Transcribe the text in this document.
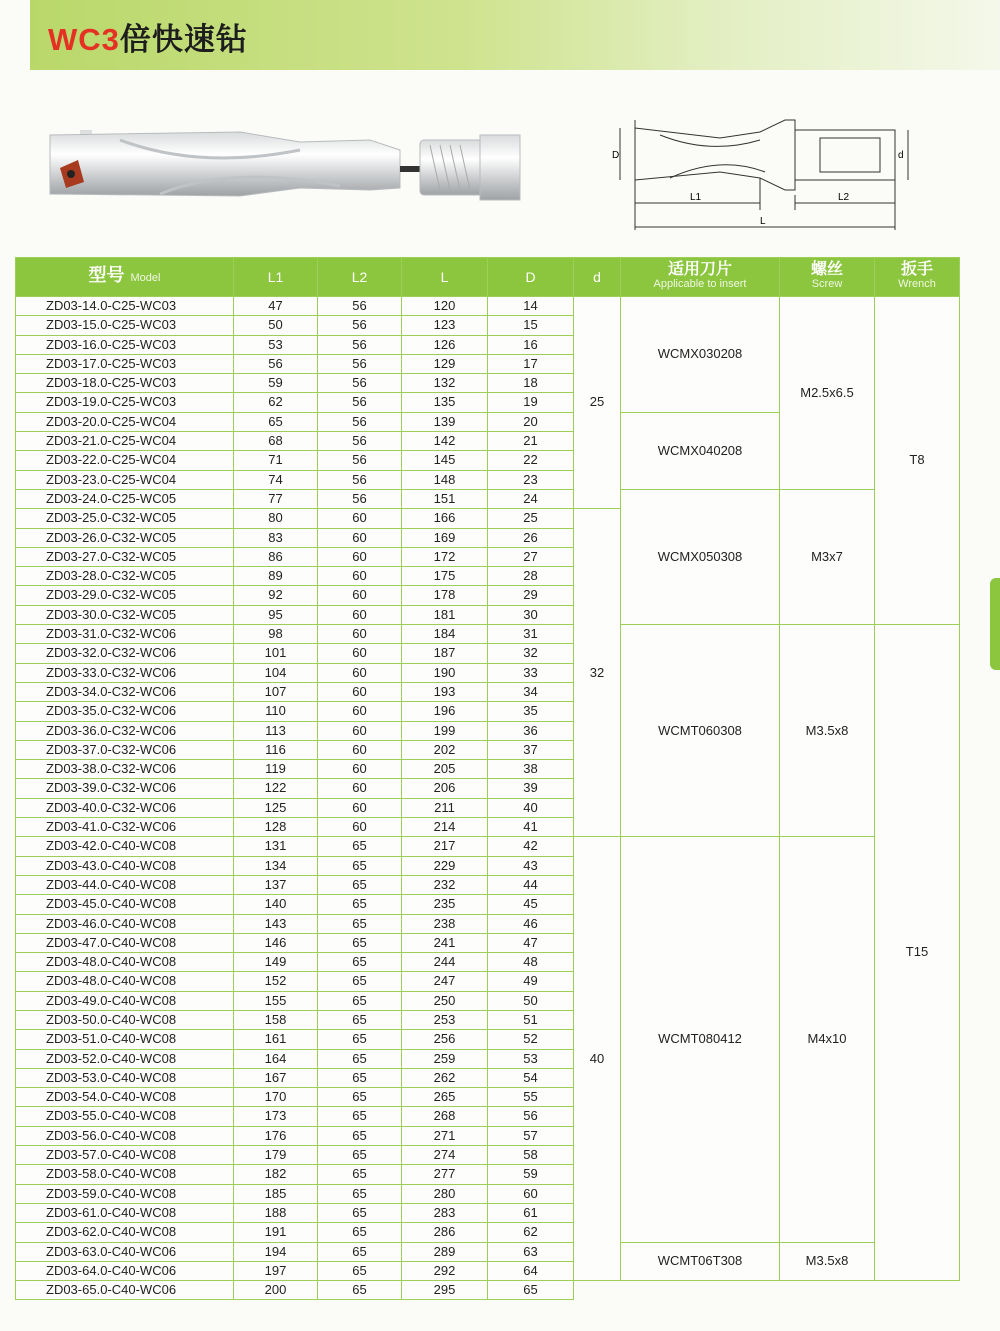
WC3倍快速钻
D	d
L1	L2
L
型号 Model	L1	L2	L	D	d	适用刀片
Applicable to insert	螺丝
Screw	扳手
Wrench

ZD03-14.0-C25-WC03	47	56	120	14	25	WCMX030208	M2.5x6.5	T8
ZD03-15.0-C25-WC03	50	56	123	15				
ZD03-16.0-C25-WC03	53	56	126	16				
ZD03-17.0-C25-WC03	56	56	129	17				
ZD03-18.0-C25-WC03	59	56	132	18				
ZD03-19.0-C25-WC03	62	56	135	19				
ZD03-20.0-C25-WC04	65	56	139	20		WCMX040208		
ZD03-21.0-C25-WC04	68	56	142	21				
ZD03-22.0-C25-WC04	71	56	145	22				
ZD03-23.0-C25-WC04	74	56	148	23				
ZD03-24.0-C25-WC05	77	56	151	24		WCMX050308	M3x7	
ZD03-25.0-C32-WC05	80	60	166	25	32			
ZD03-26.0-C32-WC05	83	60	169	26				
ZD03-27.0-C32-WC05	86	60	172	27				
ZD03-28.0-C32-WC05	89	60	175	28				
ZD03-29.0-C32-WC05	92	60	178	29				
ZD03-30.0-C32-WC05	95	60	181	30				
ZD03-31.0-C32-WC06	98	60	184	31		WCMT060308	M3.5x8	T15
ZD03-32.0-C32-WC06	101	60	187	32				
ZD03-33.0-C32-WC06	104	60	190	33				
ZD03-34.0-C32-WC06	107	60	193	34				
ZD03-35.0-C32-WC06	110	60	196	35				
ZD03-36.0-C32-WC06	113	60	199	36				
ZD03-37.0-C32-WC06	116	60	202	37				
ZD03-38.0-C32-WC06	119	60	205	38				
ZD03-39.0-C32-WC06	122	60	206	39				
ZD03-40.0-C32-WC06	125	60	211	40				
ZD03-41.0-C32-WC06	128	60	214	41				
ZD03-42.0-C40-WC08	131	65	217	42	40	WCMT080412	M4x10	
ZD03-43.0-C40-WC08	134	65	229	43				
ZD03-44.0-C40-WC08	137	65	232	44				
ZD03-45.0-C40-WC08	140	65	235	45				
ZD03-46.0-C40-WC08	143	65	238	46				
ZD03-47.0-C40-WC08	146	65	241	47				
ZD03-48.0-C40-WC08	149	65	244	48				
ZD03-48.0-C40-WC08	152	65	247	49				
ZD03-49.0-C40-WC08	155	65	250	50				
ZD03-50.0-C40-WC08	158	65	253	51				
ZD03-51.0-C40-WC08	161	65	256	52				
ZD03-52.0-C40-WC08	164	65	259	53				
ZD03-53.0-C40-WC08	167	65	262	54				
ZD03-54.0-C40-WC08	170	65	265	55				
ZD03-55.0-C40-WC08	173	65	268	56				
ZD03-56.0-C40-WC08	176	65	271	57				
ZD03-57.0-C40-WC08	179	65	274	58				
ZD03-58.0-C40-WC08	182	65	277	59				
ZD03-59.0-C40-WC08	185	65	280	60				
ZD03-61.0-C40-WC08	188	65	283	61				
ZD03-62.0-C40-WC08	191	65	286	62				
ZD03-63.0-C40-WC06	194	65	289	63		WCMT06T308	M3.5x8	
ZD03-64.0-C40-WC06	197	65	292	64				
ZD03-65.0-C40-WC06	200	65	295	65				
